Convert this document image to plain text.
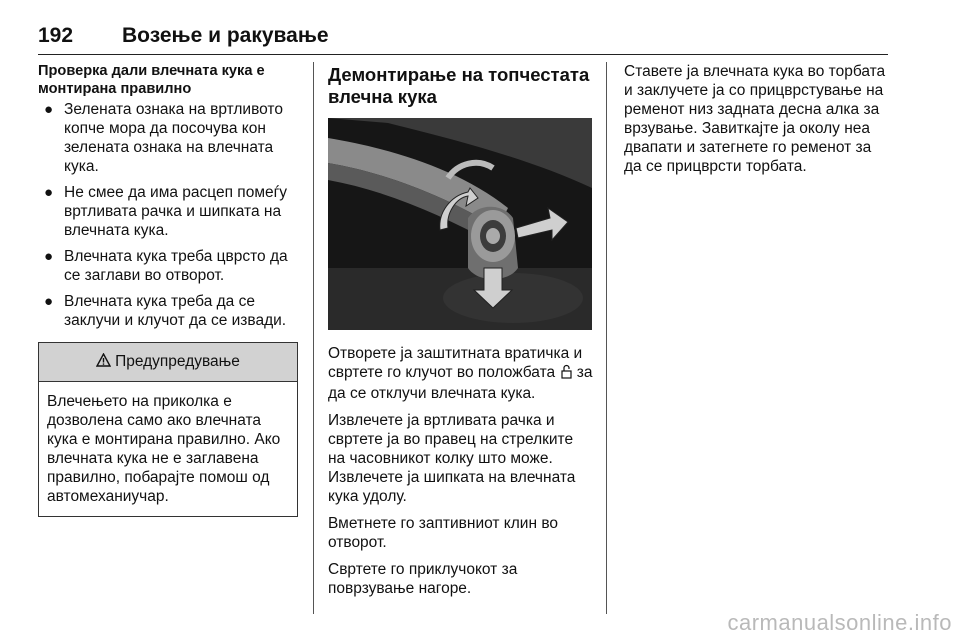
192 Возење и ракување
Проверка дали влечната кука е монтирана правилно
● Зелената ознака на вртливото копче мора да посочува кон зелената ознака на влечната кука.
● Не смее да има расцеп помеѓу вртливата рачка и шипката на влечната кука.
● Влечната кука треба цврсто да се заглави во отворот.
● Влечната кука треба да се заклучи и клучот да се извади.
Предупредување
Влечењето на приколка е дозволена само ако влечната кука е монтирана правилно. Ако влечната кука не е заглавена правилно, побарајте помош од автомеханиучар.
Демонтирање на топчестата влечна кука

Отворете ја заштитната вратичка и свртете го клучот во положбата за да се отклучи влечната кука.

Извлечете ја вртливата рачка и свртете ја во правец на стрелките на часовникот колку што може. Извлечете ја шипката на влечната кука удолу.

Вметнете го заптивниот клин во отворот.

Свртете го приклучокот за поврзување нагоре.

Ставете ја влечната кука во торбата и заклучете ја со прицврстување на ременот низ задната десна алка за врзување. Завиткајте ја околу неа двапати и затегнете го ременот за да се прицврсти торбата.

carmanualsonline.info
